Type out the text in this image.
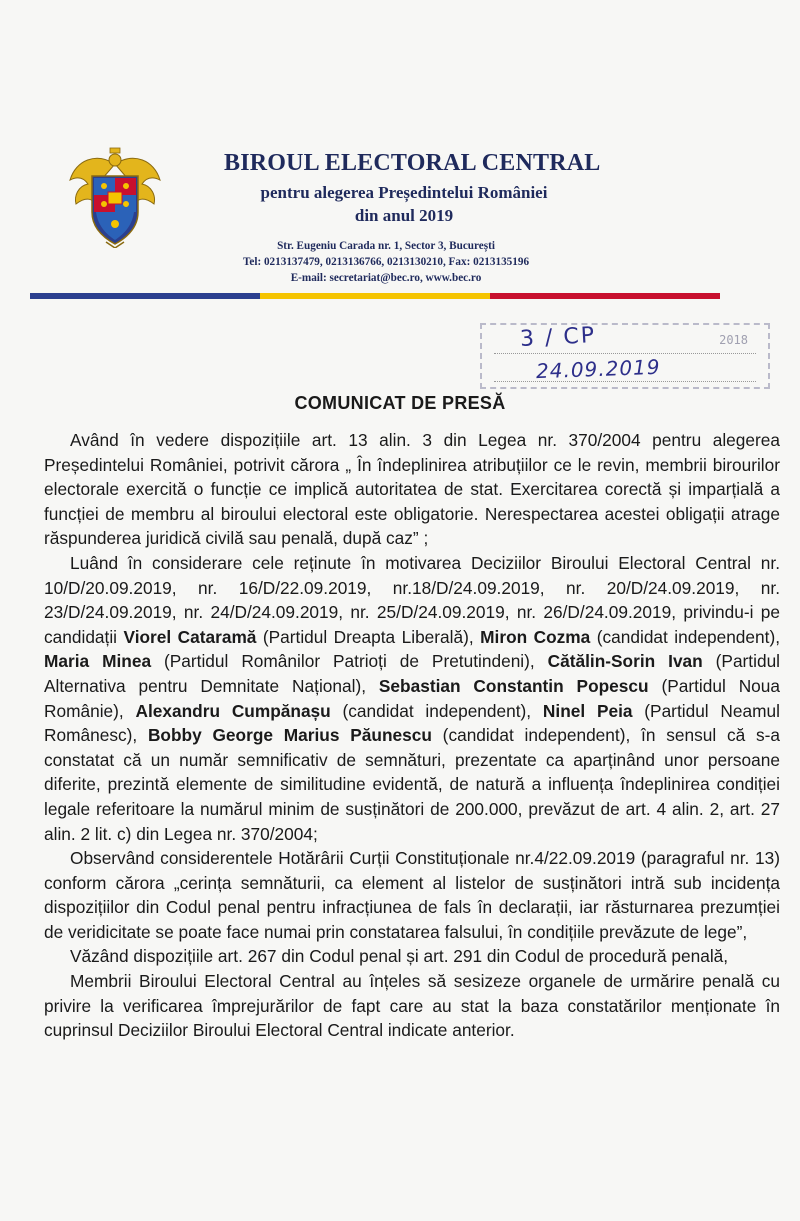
BIROUL ELECTORAL CENTRAL
pentru alegerea Președintelui României
din anul 2019
Str. Eugeniu Carada nr. 1, Sector 3, București
Tel: 0213137479, 0213136766, 0213130210, Fax: 0213135196
E-mail: secretariat@bec.ro, www.bec.ro
3 / CP	2018
24.09.2019
COMUNICAT DE PRESĂ

Având în vedere dispozițiile art. 13 alin. 3 din Legea nr. 370/2004 pentru alegerea Președintelui României, potrivit cărora „ În îndeplinirea atribuțiilor ce le revin, membrii birourilor electorale exercită o funcție ce implică autoritatea de stat. Exercitarea corectă și imparțială a funcției de membru al biroului electoral este obligatorie. Nerespectarea acestei obligații atrage răspunderea juridică civilă sau penală, după caz” ;

Luând în considerare cele reținute în motivarea Deciziilor Biroului Electoral Central nr. 10/D/20.09.2019, nr. 16/D/22.09.2019, nr.18/D/24.09.2019, nr. 20/D/24.09.2019, nr. 23/D/24.09.2019, nr. 24/D/24.09.2019, nr. 25/D/24.09.2019, nr. 26/D/24.09.2019, privindu-i pe candidații Viorel Cataramă (Partidul Dreapta Liberală), Miron Cozma (candidat independent), Maria Minea (Partidul Românilor Patrioți de Pretutindeni), Cătălin-Sorin Ivan (Partidul Alternativa pentru Demnitate Național), Sebastian Constantin Popescu (Partidul Noua Românie), Alexandru Cumpănașu (candidat independent), Ninel Peia (Partidul Neamul Românesc), Bobby George Marius Păunescu (candidat independent), în sensul că s-a constatat că un număr semnificativ de semnături, prezentate ca aparținând unor persoane diferite, prezintă elemente de similitudine evidentă, de natură a influența îndeplinirea condiției legale referitoare la numărul minim de susținători de 200.000, prevăzut de art. 4 alin. 2, art. 27 alin. 2 lit. c) din Legea nr. 370/2004;

Observând considerentele Hotărârii Curții Constituționale nr.4/22.09.2019 (paragraful nr. 13) conform cărora „cerința semnăturii, ca element al listelor de susținători intră sub incidența dispozițiilor din Codul penal pentru infracțiunea de fals în declarații, iar răsturnarea prezumției de veridicitate se poate face numai prin constatarea falsului, în condițiile prevăzute de lege”,

Văzând dispozițiile art. 267 din Codul penal și art. 291 din Codul de procedură penală,

Membrii Biroului Electoral Central au înțeles să sesizeze organele de urmărire penală cu privire la verificarea împrejurărilor de fapt care au stat la baza constatărilor menționate în cuprinsul Deciziilor Biroului Electoral Central indicate anterior.
